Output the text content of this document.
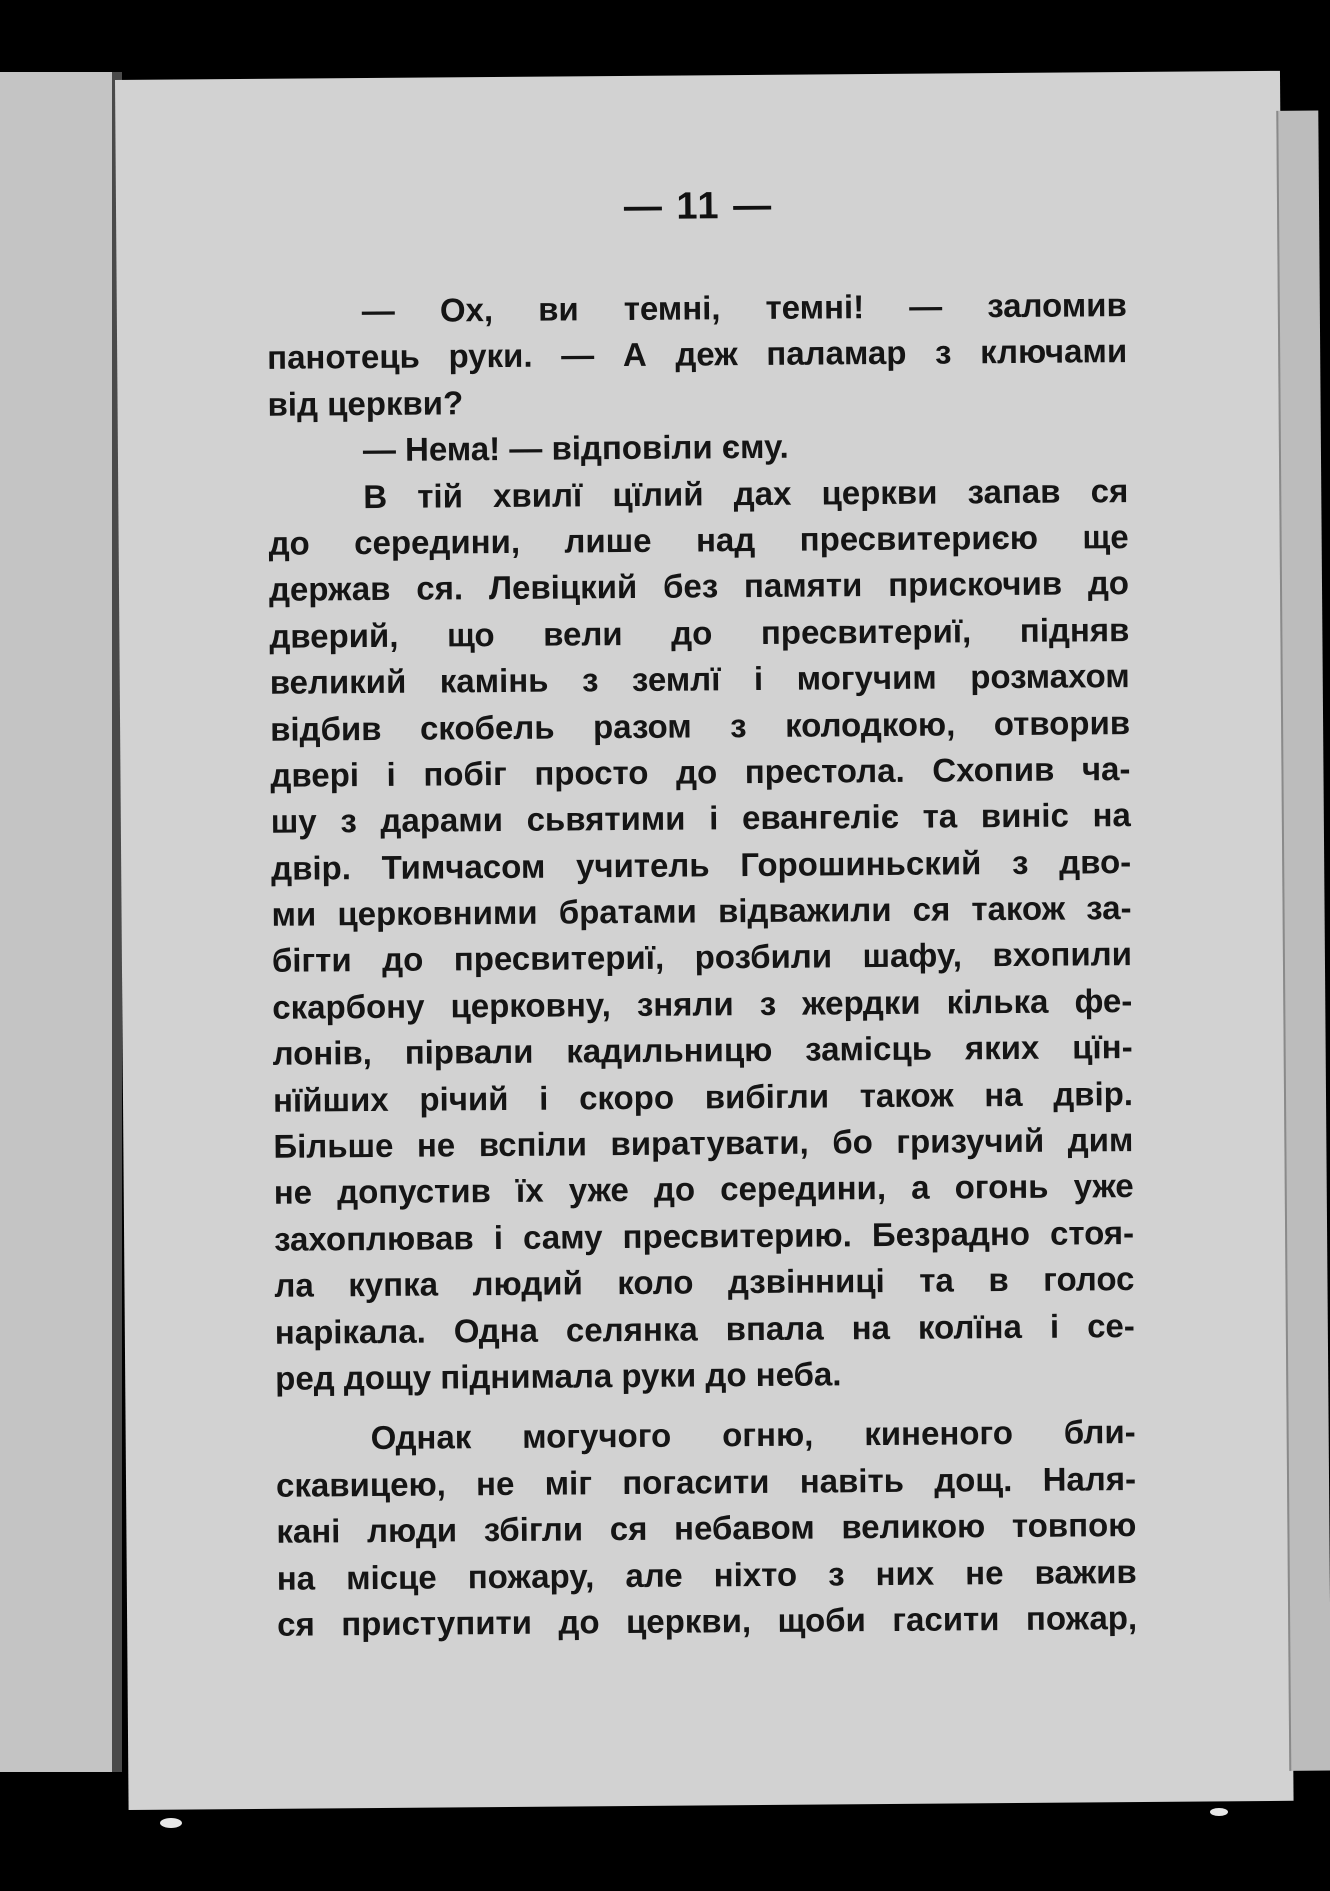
— 11 —
— Ох, ви темні, темні! — заломив
панотець руки. — А деж паламар з ключами
від церкви?
— Нема! — відповіли єму.
В тій хвилї цїлий дах церкви запав ся
до середини, лише над пресвитериєю ще
держав ся. Левіцкий без памяти прискочив до
дверий, що вели до пресвитериї, підняв
великий камінь з землї і могучим розмахом
відбив скобель разом з колодкою, отворив
двері і побіг просто до престола. Схопив ча-
шу з дарами сьвятими і евангеліє та виніс на
двір. Тимчасом учитель Горошиньский з дво-
ми церковними братами відважили ся також за-
бігти до пресвитериї, розбили шафу, вхопили
скарбону церковну, зняли з жердки кілька фе-
лонів, пірвали кадильницю замісць яких цїн-
нїйших річий і скоро вибігли також на двір.
Більше не вспіли виратувати, бо гризучий дим
не допустив їх уже до середини, а огонь уже
захоплював і саму пресвитерию. Безрадно стоя-
ла купка людий коло дзвінниці та в голос
нарікала. Одна селянка впала на колїна і се-
ред дощу піднимала руки до неба.
Однак могучого огню, киненого бли-
скавицею, не міг погасити навіть дощ. Наля-
кані люди збігли ся небавом великою товпою
на місце пожару, але ніхто з них не важив
ся приступити до церкви, щоби гасити пожар,
